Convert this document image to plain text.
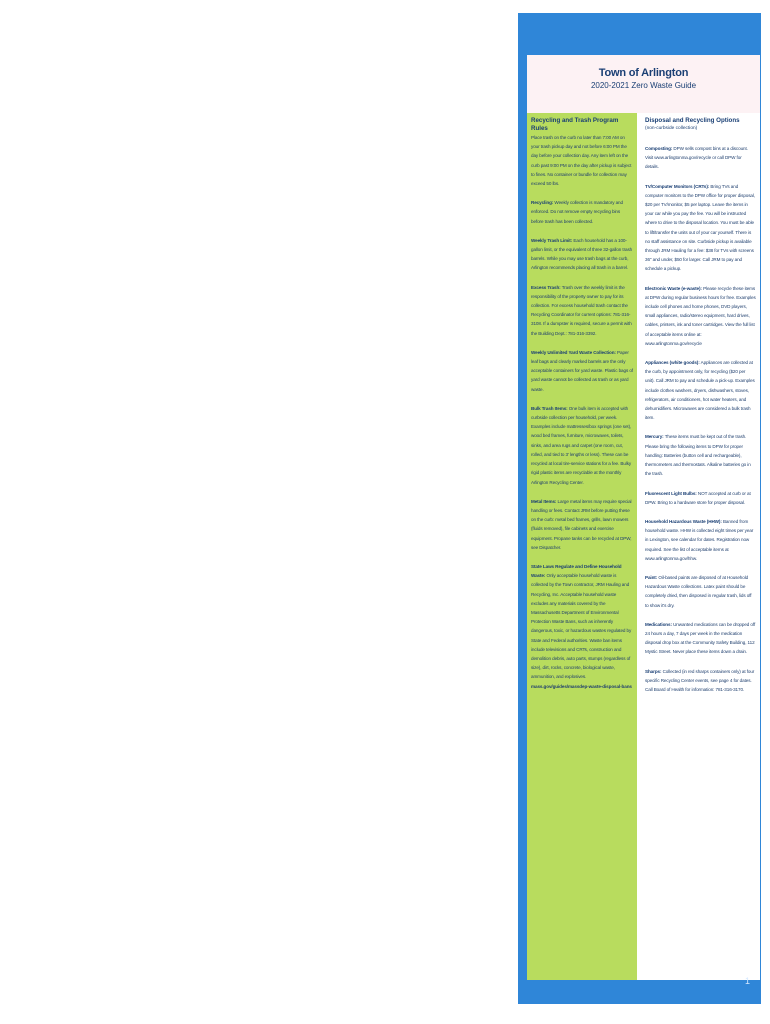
Town of Arlington
2020-2021 Zero Waste Guide
Recycling and Trash Program Rules
Place trash on the curb no later than 7:00 AM on your trash pickup day and not before 6:00 PM the day before your collection day. Any item left on the curb past 9:00 PM on the day after pickup is subject to fines. No container or bundle for collection may exceed 50 lbs.
Recycling: Weekly collection is mandatory and enforced. Do not remove empty recycling bins before trash has been collected.
Weekly Trash Limit: Each household has a 100-gallon limit, or the equivalent of three 32-gallon trash barrels. While you may use trash bags at the curb, Arlington recommends placing all trash in a barrel.
Excess Trash: Trash over the weekly limit is the responsibility of the property owner to pay for its collection. For excess household trash contact the Recycling Coordinator for current options: 781-316-3108. If a dumpster is required, secure a permit with the Building Dept.: 781-316-3392.
Weekly Unlimited Yard Waste Collection: Paper leaf bags and clearly marked barrels are the only acceptable containers for yard waste. Plastic bags of yard waste cannot be collected as trash or as yard waste.
Bulk Trash Items: One bulk item is accepted with curbside collection per household, per week. Examples include mattresses/box springs (one set), wood bed frames, furniture, microwaves, toilets, sinks, and area rugs and carpet (one room, cut, rolled, and tied to 3' lengths or less). These can be recycled at local tire-service stations for a fee. Bulky rigid plastic items are recyclable at the monthly Arlington Recycling Center.
Metal Items: Large metal items may require special handling or fees. Contact JRM before putting these on the curb: metal bed frames, grills, lawn mowers (fluids removed), file cabinets and exercise equipment. Propane tanks can be recycled at DPW, see Dispatcher.
State Laws Regulate and Define Household Waste: Only acceptable household waste is collected by the Town contractor, JRM Hauling and Recycling, Inc. Acceptable household waste excludes any materials covered by the Massachusetts Department of Environmental Protection Waste Bans, such as inherently dangerous, toxic, or hazardous wastes regulated by State and Federal authorities. Waste ban items include televisions and CRTs, construction and demolition debris, auto parts, stumps (regardless of size), dirt, rocks, concrete, biological waste, ammunition, and explosives. mass.gov/guides/massdep-waste-disposal-bans
Disposal and Recycling Options
(non-curbside collection)
Composting: DPW sells compost bins at a discount. Visit www.arlingtonma.gov/recycle or call DPW for details.
TV/Computer Monitors (CRTs): Bring TVs and computer monitors to the DPW office for proper disposal, $20 per TV/monitor, $5 per laptop. Leave the items in your car while you pay the fee. You will be instructed where to drive to the disposal location. You must be able to lift/transfer the units out of your car yourself. There is no staff assistance on site. Curbside pickup is available through JRM Hauling for a fee: $38 for TVs with screens 36" and under, $50 for larger. Call JRM to pay and schedule a pickup.
Electronic Waste (e-waste): Please recycle these items at DPW during regular business hours for free. Examples include cell phones and home phones, DVD players, small appliances, radio/stereo equipment, hard drives, cables, printers, ink and toner cartridges. View the full list of acceptable items online at: www.arlingtonma.gov/recycle
Appliances (white goods): Appliances are collected at the curb, by appointment only, for recycling ($20 per unit). Call JRM to pay and schedule a pick-up. Examples include clothes washers, dryers, dishwashers, stoves, refrigerators, air conditioners, hot water heaters, and dehumidifiers. Microwaves are considered a bulk trash item.
Mercury: These items must be kept out of the trash. Please bring the following items to DPW for proper handling: Batteries (button cell and rechargeable), thermometers and thermostats. Alkaline batteries go in the trash.
Fluorescent Light Bulbs: NOT accepted at curb or at DPW. Bring to a hardware store for proper disposal.
Household Hazardous Waste (HHW): Banned from household waste. HHW is collected eight times per year in Lexington, see calendar for dates. Registration now required. See the list of acceptable items at www.arlingtonma.gov/hhw.
Paint: Oil-based paints are disposed of at Household Hazardous Waste collections. Latex paint should be completely dried, then disposed in regular trash, lids off to show it's dry.
Medications: Unwanted medications can be dropped off 24 hours a day, 7 days per week in the medication disposal drop box at the Community Safety Building, 112 Mystic Street. Never place these items down a drain.
Sharps: Collected (in red sharps containers only) at four specific Recycling Center events, see page 4 for dates. Call Board of Health for information: 781-316-3170.
1
